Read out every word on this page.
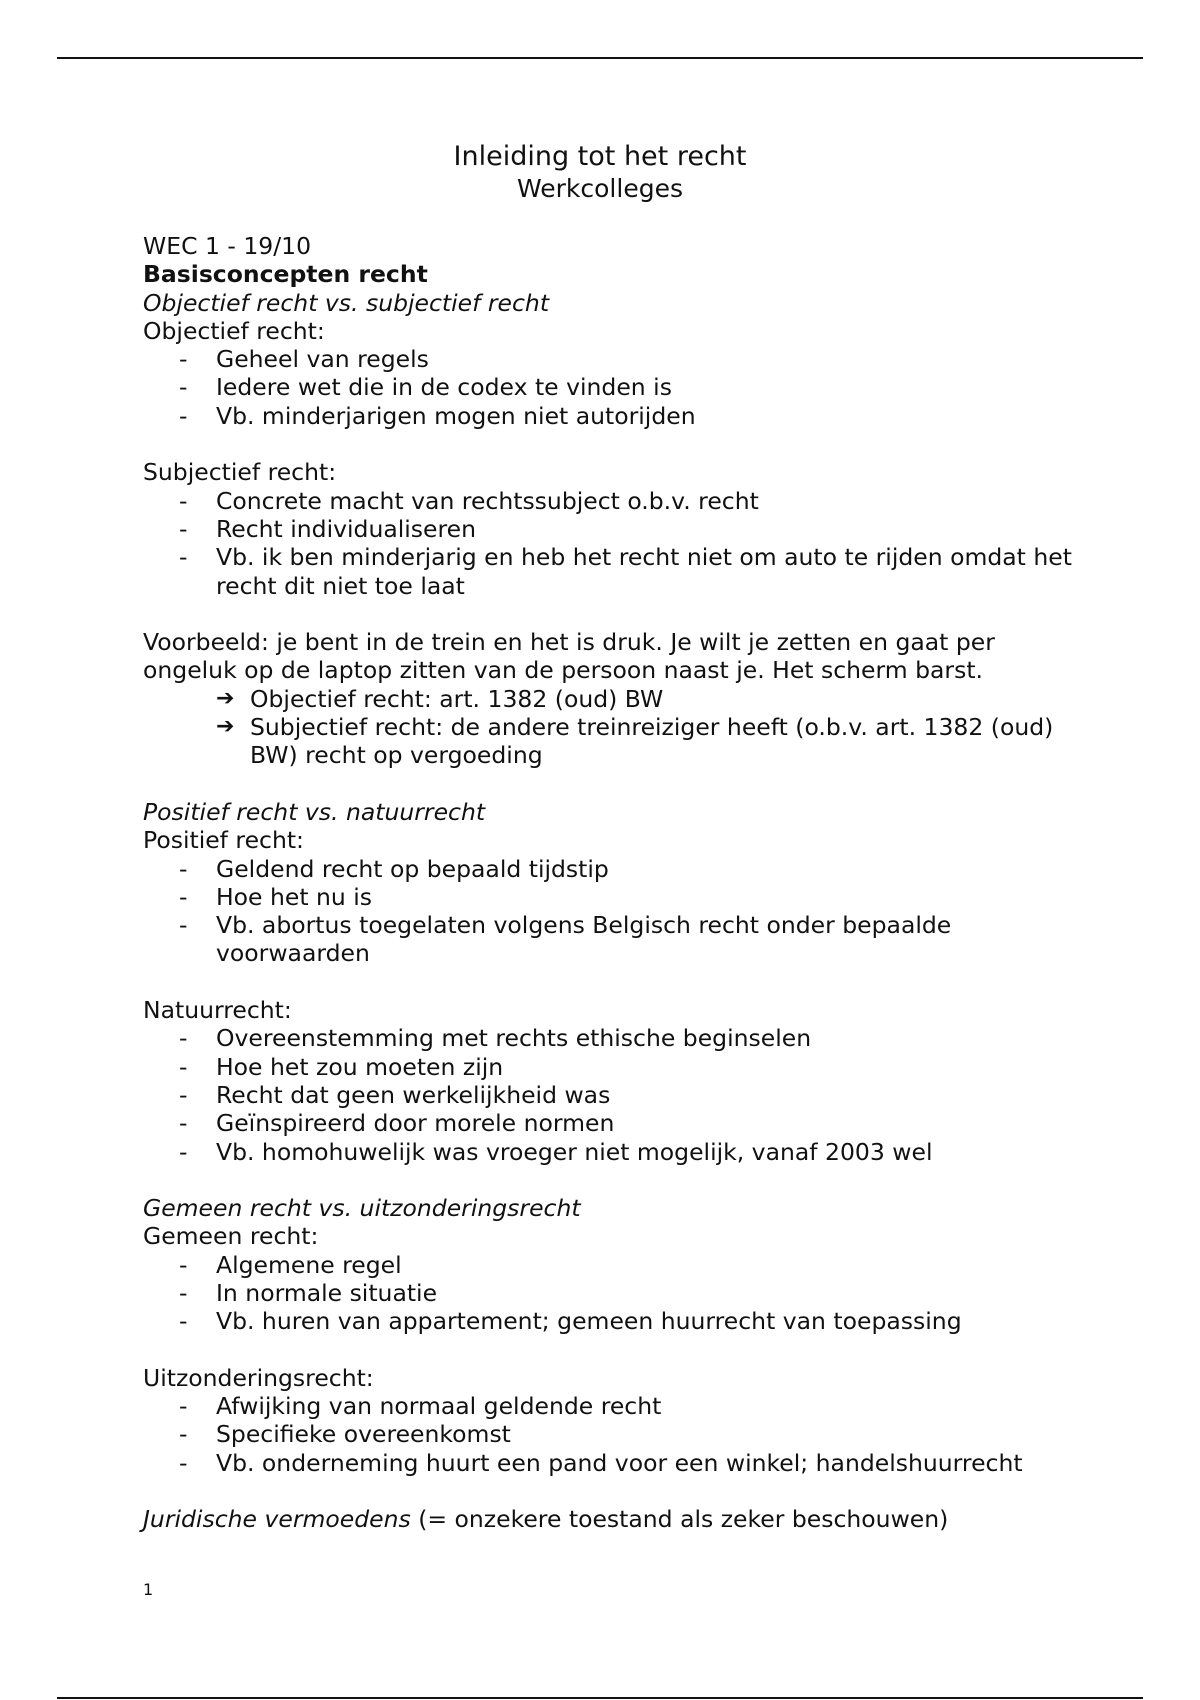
Inleiding tot het recht
Werkcolleges
WEC 1 - 19/10
Basisconcepten recht
Objectief recht vs. subjectief recht
Objectief recht:
- Geheel van regels
- Iedere wet die in de codex te vinden is
- Vb. minderjarigen mogen niet autorijden
Subjectief recht:
- Concrete macht van rechtssubject o.b.v. recht
- Recht individualiseren
- Vb. ik ben minderjarig en heb het recht niet om auto te rijden omdat het recht dit niet toe laat
Voorbeeld: je bent in de trein en het is druk. Je wilt je zetten en gaat per
ongeluk op de laptop zitten van de persoon naast je. Het scherm barst.
➔ Objectief recht: art. 1382 (oud) BW
➔ Subjectief recht: de andere treinreiziger heeft (o.b.v. art. 1382 (oud) BW) recht op vergoeding
Positief recht vs. natuurrecht
Positief recht:
- Geldend recht op bepaald tijdstip
- Hoe het nu is
- Vb. abortus toegelaten volgens Belgisch recht onder bepaalde voorwaarden
Natuurrecht:
- Overeenstemming met rechts ethische beginselen
- Hoe het zou moeten zijn
- Recht dat geen werkelijkheid was
- Geïnspireerd door morele normen
- Vb. homohuwelijk was vroeger niet mogelijk, vanaf 2003 wel
Gemeen recht vs. uitzonderingsrecht
Gemeen recht:
- Algemene regel
- In normale situatie
- Vb. huren van appartement; gemeen huurrecht van toepassing
Uitzonderingsrecht:
- Afwijking van normaal geldende recht
- Specifieke overeenkomst
- Vb. onderneming huurt een pand voor een winkel; handelshuurrecht
Juridische vermoedens (= onzekere toestand als zeker beschouwen)
1
